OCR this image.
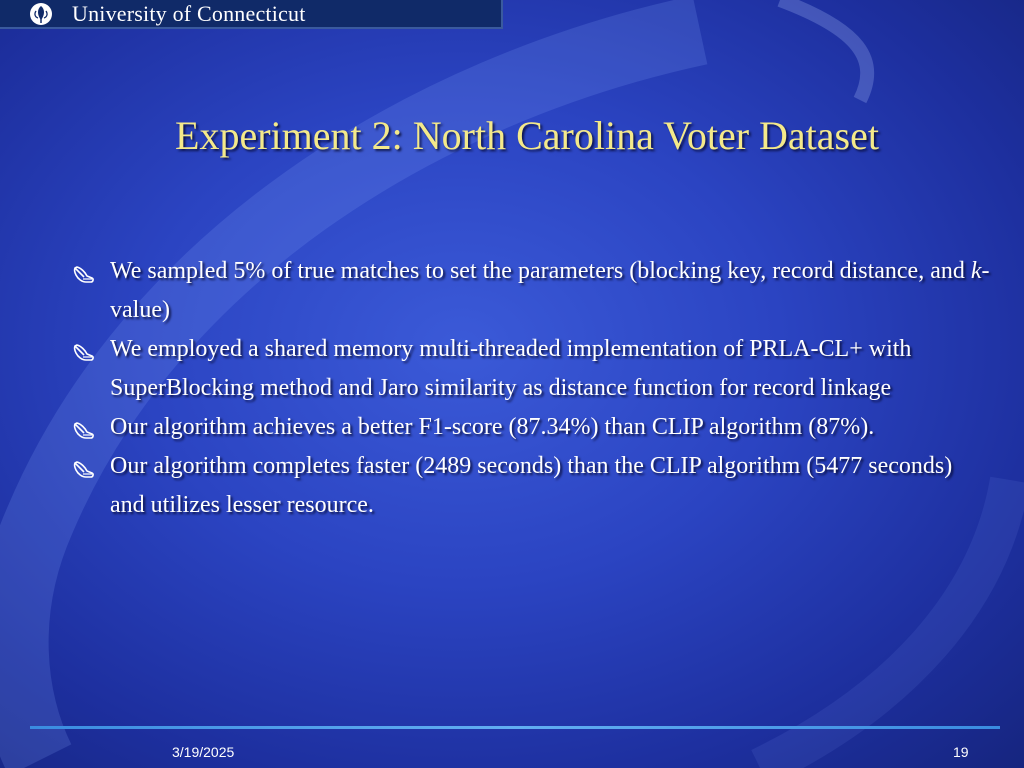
University of Connecticut
Experiment 2: North Carolina Voter Dataset
We sampled 5% of true matches to set the parameters (blocking key, record distance, and k-value)
We employed a shared memory multi-threaded implementation of PRLA-CL+ with SuperBlocking method and Jaro similarity as distance function for record linkage
Our algorithm achieves a better F1-score (87.34%) than CLIP algorithm (87%).
Our algorithm completes faster (2489 seconds) than the CLIP algorithm (5477 seconds) and utilizes lesser resource.
3/19/2025	19
